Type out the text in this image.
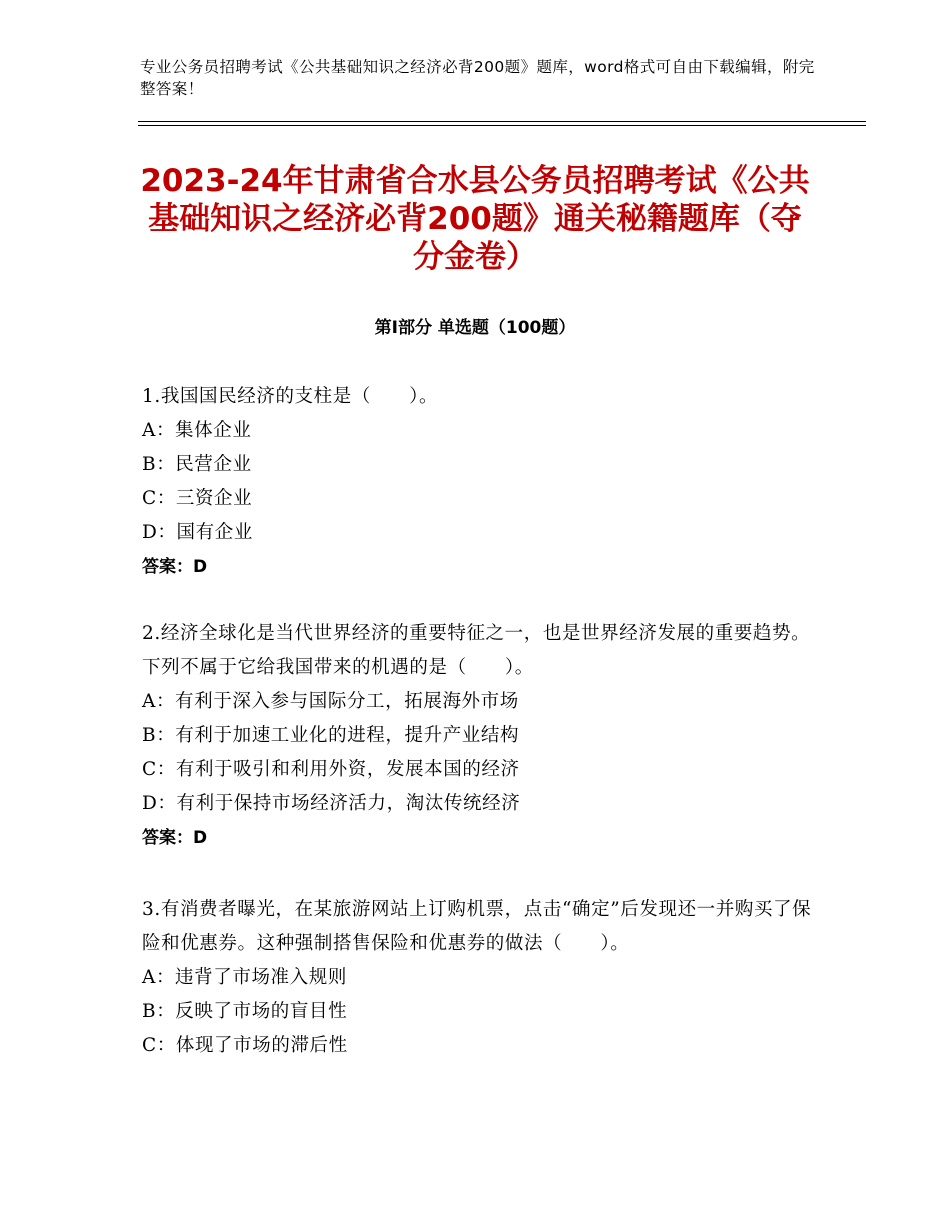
专业公务员招聘考试《公共基础知识之经济必背200题》题库，word格式可自由下载编辑，附完整答案！
2023-24年甘肃省合水县公务员招聘考试《公共基础知识之经济必背200题》通关秘籍题库（夺分金卷）
第Ⅰ部分 单选题（100题）

1.我国国民经济的支柱是（　　）。

A：集体企业

B：民营企业

C：三资企业

D：国有企业

答案：D

2.经济全球化是当代世界经济的重要特征之一，也是世界经济发展的重要趋势。下列不属于它给我国带来的机遇的是（　　）。

A：有利于深入参与国际分工，拓展海外市场

B：有利于加速工业化的进程，提升产业结构

C：有利于吸引和利用外资，发展本国的经济

D：有利于保持市场经济活力，淘汰传统经济

答案：D

3.有消费者曝光，在某旅游网站上订购机票，点击“确定”后发现还一并购买了保险和优惠券。这种强制搭售保险和优惠券的做法（　　）。

A：违背了市场准入规则

B：反映了市场的盲目性

C：体现了市场的滞后性
